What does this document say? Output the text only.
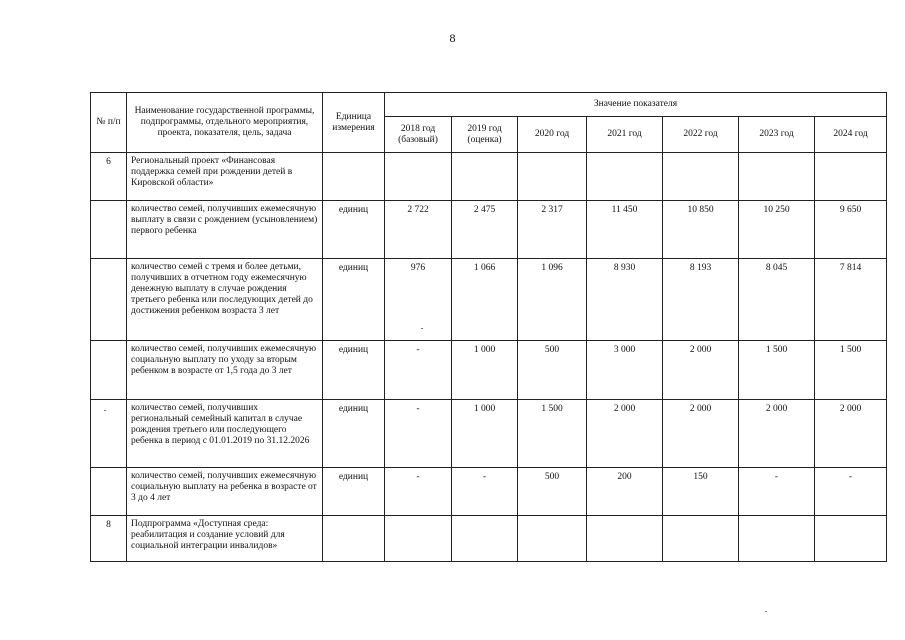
8
№ п/п	Наименование государственной программы, подпрограммы, отдельного мероприятия, проекта, показателя, цель, задача	Единица измерения	Значение показателя						
			2018 год (базовый)	2019 год (оценка)	2020 год	2021 год	2022 год	2023 год	2024 год
6	Региональный проект «Финансовая поддержка семей при рождении детей в Кировской области»								
	количество семей, получивших ежемесячную выплату в связи с рождением (усыновлением) первого ребенка	единиц	2 722	2 475	2 317	11 450	10 850	10 250	9 650
	количество семей с тремя и более детьми, получивших в отчетном году ежемесячную денежную выплату в случае рождения третьего ребенка или последующих детей до достижения ребенком возраста 3 лет	единиц	976	1 066	1 096	8 930	8 193	8 045	7 814
	количество семей, получивших ежемесячную социальную выплату по уходу за вторым ребенком в возрасте от 1,5 года до 3 лет	единиц	-	1 000	500	3 000	2 000	1 500	1 500
	количество семей, получивших региональный семейный капитал в случае рождения третьего или последующего ребенка в период с 01.01.2019 по 31.12.2026	единиц	-	1 000	1 500	2 000	2 000	2 000	2 000
	количество семей, получивших ежемесячную социальную выплату на ребенка в возрасте от 3 до 4 лет	единиц	-	-	500	200	150	-	-
8	Подпрограмма «Доступная среда: реабилитация и создание условий для социальной интеграции инвалидов»								
